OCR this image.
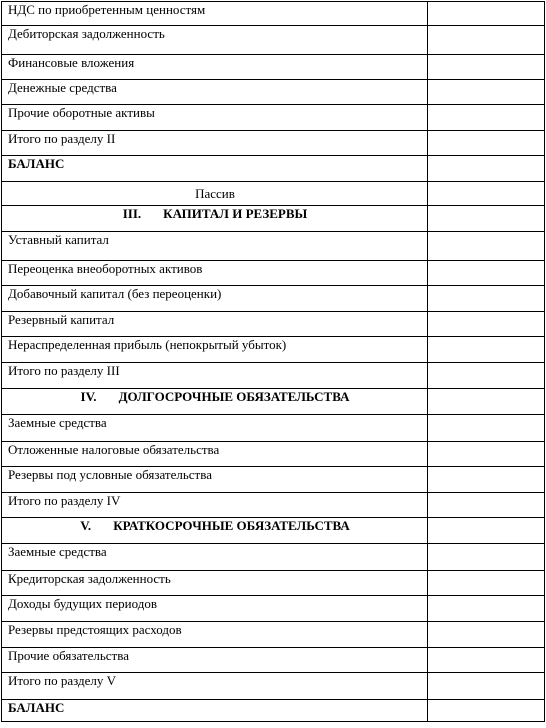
НДС по приобретенным ценностям	
Дебиторская задолженность	
Финансовые вложения	
Денежные средства	
Прочие оборотные активы	
Итого по разделу II	
БАЛАНС	
Пассив	
III. КАПИТАЛ И РЕЗЕРВЫ	
Уставный капитал	
Переоценка внеоборотных активов	
Добавочный капитал (без переоценки)	
Резервный капитал	
Нераспределенная прибыль (непокрытый убыток)	
Итого по разделу III	
IV. ДОЛГОСРОЧНЫЕ ОБЯЗАТЕЛЬСТВА	
Заемные средства	
Отложенные налоговые обязательства	
Резервы под условные обязательства	
Итого по разделу IV	
V. КРАТКОСРОЧНЫЕ ОБЯЗАТЕЛЬСТВА	
Заемные средства	
Кредиторская задолженность	
Доходы будущих периодов	
Резервы предстоящих расходов	
Прочие обязательства	
Итого по разделу V	
БАЛАНС	
